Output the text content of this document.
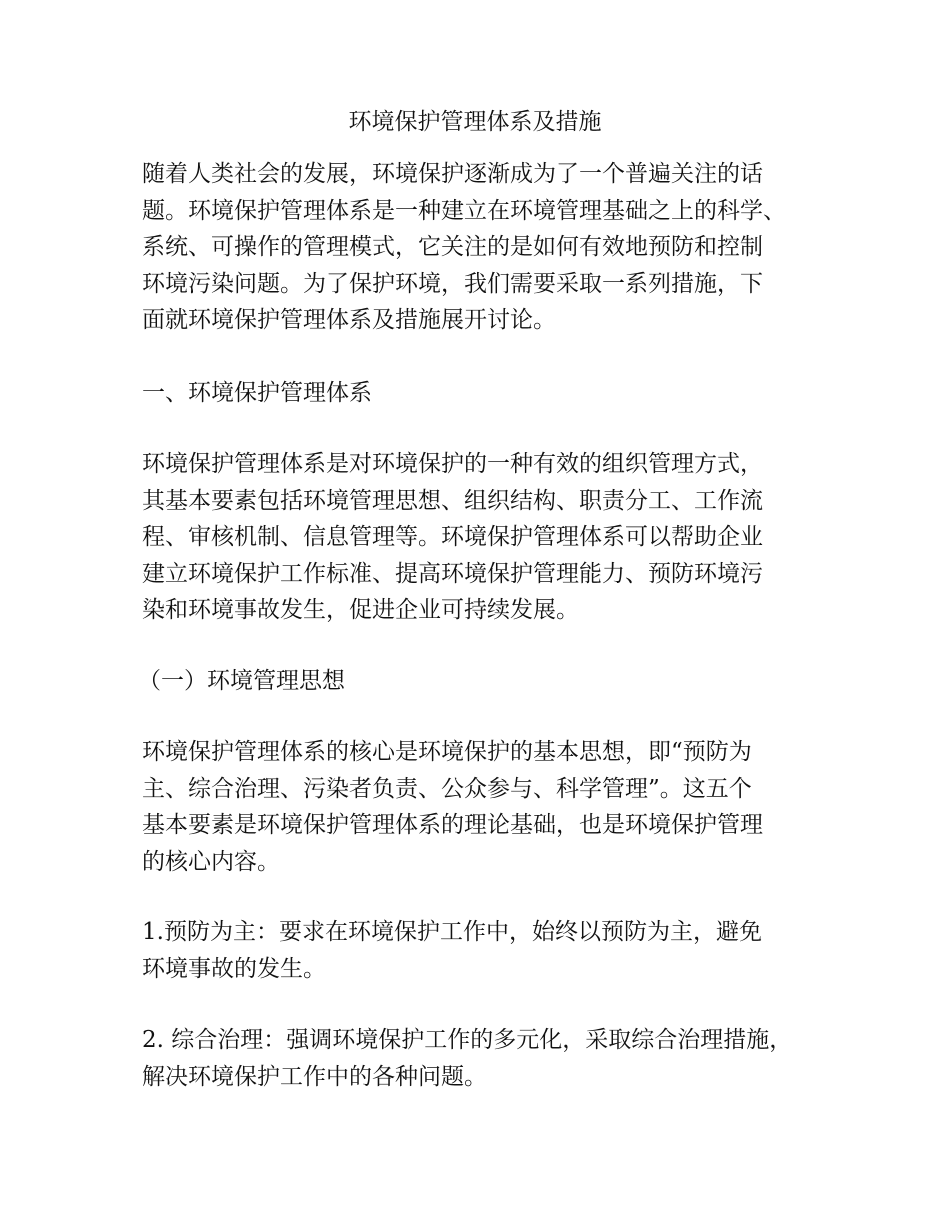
环境保护管理体系及措施

随着人类社会的发展，环境保护逐渐成为了一个普遍关注的话
题。环境保护管理体系是一种建立在环境管理基础之上的科学、
系统、可操作的管理模式，它关注的是如何有效地预防和控制
环境污染问题。为了保护环境，我们需要采取一系列措施，下
面就环境保护管理体系及措施展开讨论。

一、环境保护管理体系

环境保护管理体系是对环境保护的一种有效的组织管理方式，
其基本要素包括环境管理思想、组织结构、职责分工、工作流
程、审核机制、信息管理等。环境保护管理体系可以帮助企业
建立环境保护工作标准、提高环境保护管理能力、预防环境污
染和环境事故发生，促进企业可持续发展。

（一）环境管理思想

环境保护管理体系的核心是环境保护的基本思想，即“预防为
主、综合治理、污染者负责、公众参与、科学管理”。这五个
基本要素是环境保护管理体系的理论基础，也是环境保护管理
的核心内容。

1.预防为主：要求在环境保护工作中，始终以预防为主，避免
环境事故的发生。

2. 综合治理：强调环境保护工作的多元化，采取综合治理措施，
解决环境保护工作中的各种问题。
